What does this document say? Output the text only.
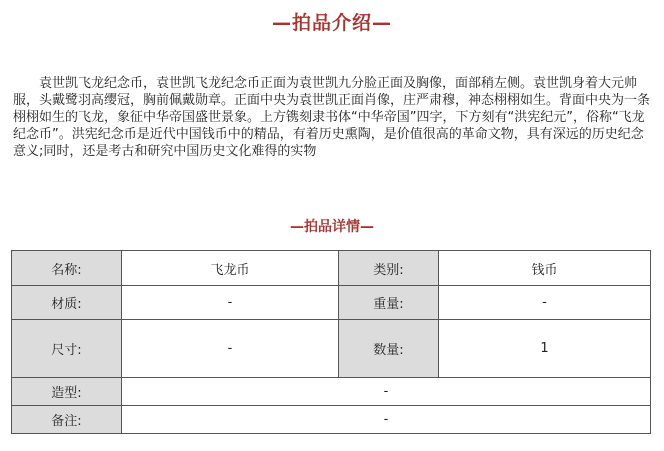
—拍品介绍—
袁世凯飞龙纪念币，袁世凯飞龙纪念币正面为袁世凯九分脸正面及胸像，面部稍左侧。袁世凯身着大元帅服，头戴鹭羽高缨冠，胸前佩戴勋章。正面中央为袁世凯正面肖像，庄严肃穆，神态栩栩如生。背面中央为一条栩栩如生的飞龙，象征中华帝国盛世景象。上方镌刻隶书体“中华帝国”四字，下方刻有“洪宪纪元”，俗称“飞龙纪念币”。洪宪纪念币是近代中国钱币中的精品，有着历史熏陶，是价值很高的革命文物，具有深远的历史纪念意义;同时，还是考古和研究中国历史文化难得的实物
—拍品详情—
名称:	飞龙币	类别:	钱币
材质:	-	重量:	-
尺寸:	-	数量:	1
造型:	-		
备注:	-		
